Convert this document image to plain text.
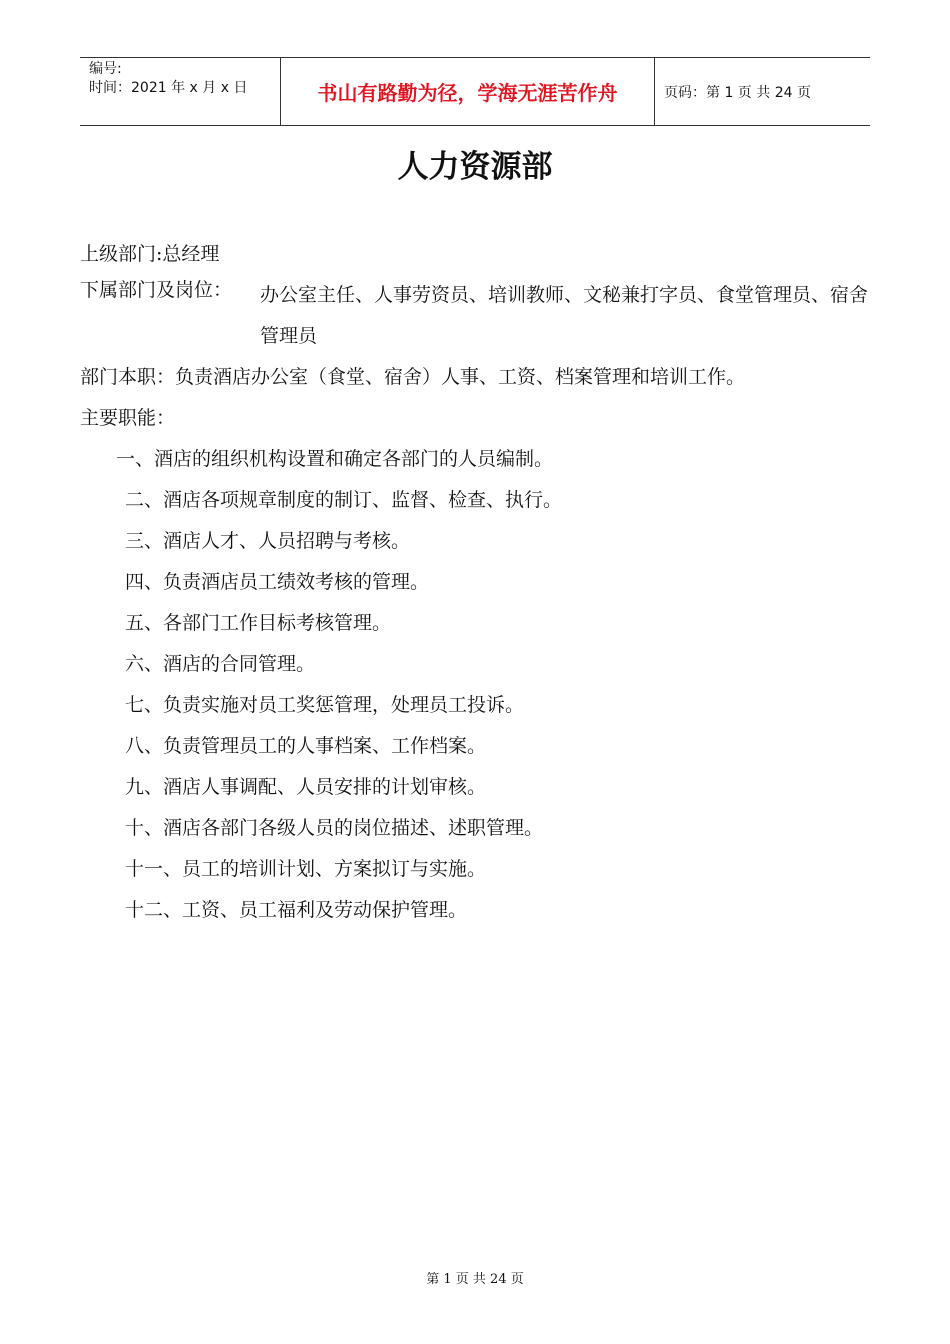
编号:
时间：2021 年 x 月 x 日	书山有路勤为径，学海无涯苦作舟	页码：第 1 页 共 24 页
人力资源部
上级部门:总经理
下属部门及岗位：	办公室主任、人事劳资员、培训教师、文秘兼打字员、食堂管理员、宿舍管理员
部门本职：负责酒店办公室（食堂、宿舍）人事、工资、档案管理和培训工作。
主要职能：
一、酒店的组织机构设置和确定各部门的人员编制。
二、酒店各项规章制度的制订、监督、检查、执行。
三、酒店人才、人员招聘与考核。
四、负责酒店员工绩效考核的管理。
五、各部门工作目标考核管理。
六、酒店的合同管理。
七、负责实施对员工奖惩管理，处理员工投诉。
八、负责管理员工的人事档案、工作档案。
九、酒店人事调配、人员安排的计划审核。
十、酒店各部门各级人员的岗位描述、述职管理。
十一、员工的培训计划、方案拟订与实施。
十二、工资、员工福利及劳动保护管理。
第 1 页 共 24 页
